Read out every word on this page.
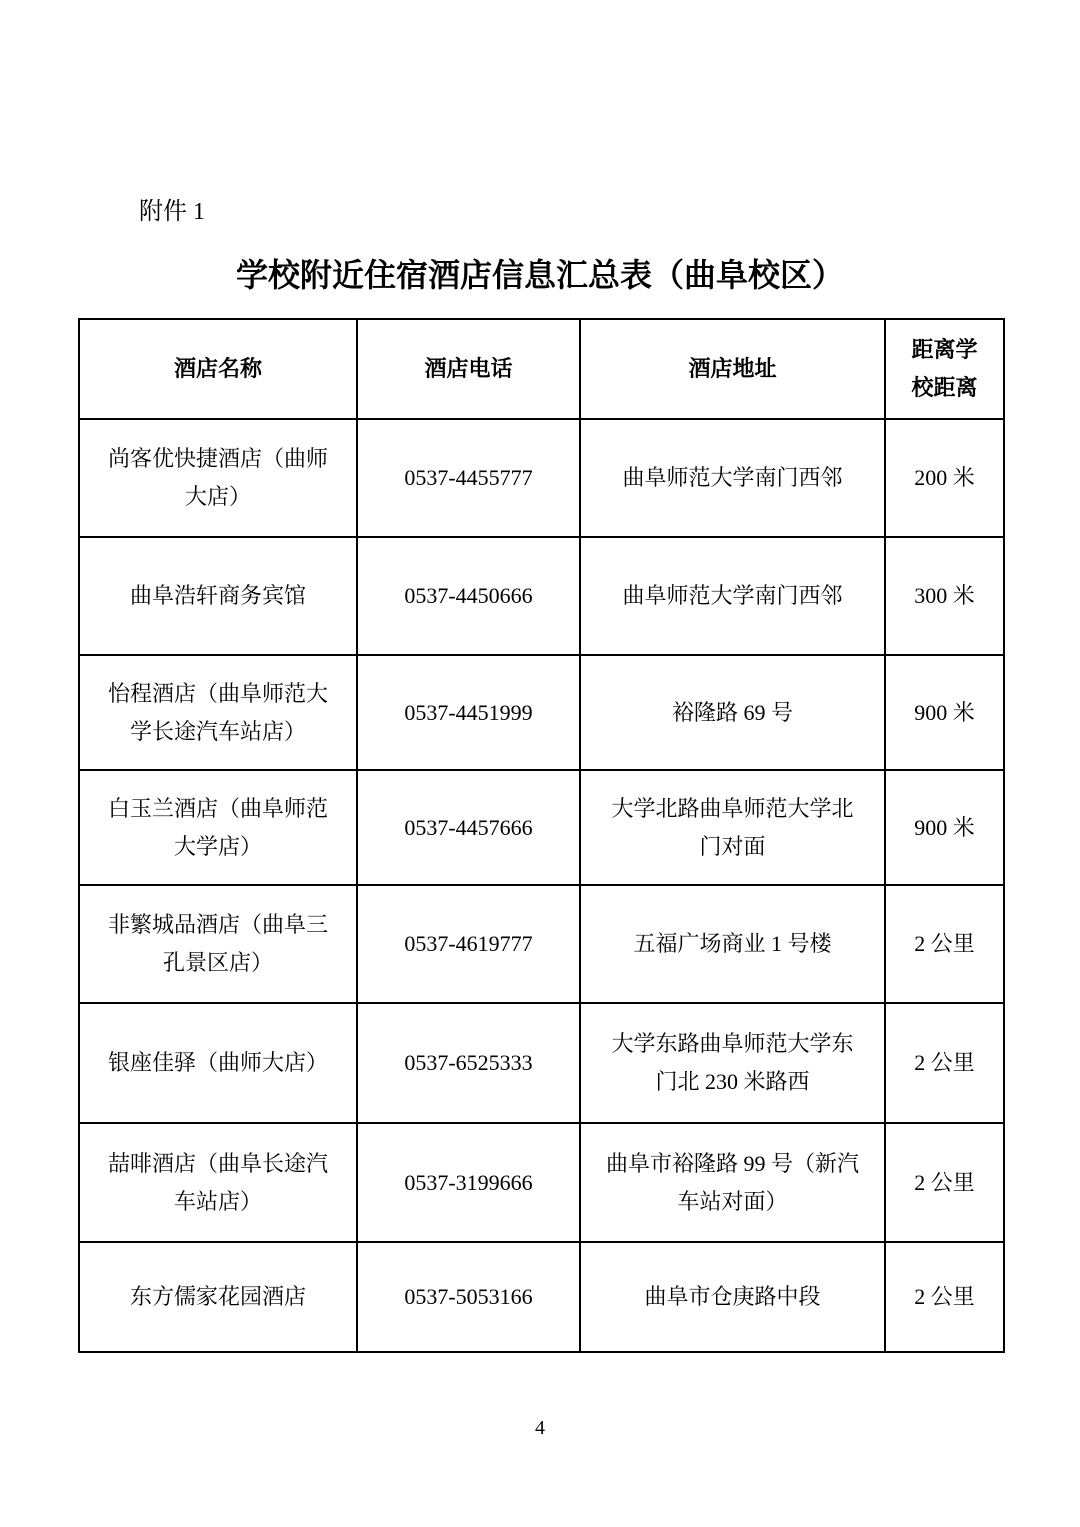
附件 1
学校附近住宿酒店信息汇总表（曲阜校区）
酒店名称	酒店电话	酒店地址	距离学校距离
尚客优快捷酒店（曲师大店）	0537-4455777	曲阜师范大学南门西邻	200 米
曲阜浩轩商务宾馆	0537-4450666	曲阜师范大学南门西邻	300 米
怡程酒店（曲阜师范大学长途汽车站店）	0537-4451999	裕隆路 69 号	900 米
白玉兰酒店（曲阜师范大学店）	0537-4457666	大学北路曲阜师范大学北门对面	900 米
非繁城品酒店（曲阜三孔景区店）	0537-4619777	五福广场商业 1 号楼	2 公里
银座佳驿（曲师大店）	0537-6525333	大学东路曲阜师范大学东门北 230 米路西	2 公里
喆啡酒店（曲阜长途汽车站店）	0537-3199666	曲阜市裕隆路 99 号（新汽车站对面）	2 公里
东方儒家花园酒店	0537-5053166	曲阜市仓庚路中段	2 公里
4
